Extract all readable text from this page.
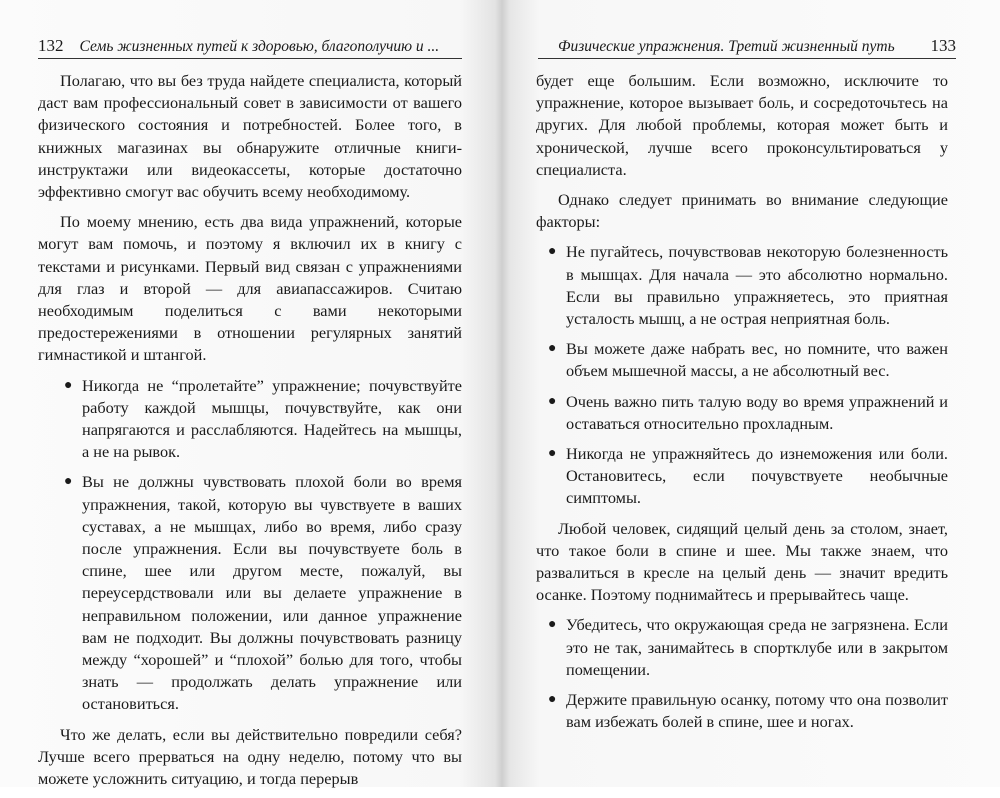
132 Семь жизненных путей к здоровью, благополучию и ...

Полагаю, что вы без труда найдете специалиста, который даст вам профессиональный совет в зависимости от вашего физического состояния и потребностей. Более того, в книжных магазинах вы обнаружите отличные книги-инструктажи или видеокассеты, которые достаточно эффективно смогут вас обучить всему необходимому.

По моему мнению, есть два вида упражнений, которые могут вам помочь, и поэтому я включил их в книгу с текстами и рисунками. Первый вид связан с упражнениями для глаз и второй — для авиапассажиров. Считаю необходимым поделиться с вами некоторыми предостережениями в отношении регулярных занятий гимнастикой и штангой.

● Никогда не “пролетайте” упражнение; почувствуйте работу каждой мышцы, почувствуйте, как они напрягаются и расслабляются. Надейтесь на мышцы, а не на рывок.
● Вы не должны чувствовать плохой боли во время упражнения, такой, которую вы чувствуете в ваших суставах, а не мышцах, либо во время, либо сразу после упражнения. Если вы почувствуете боль в спине, шее или другом месте, пожалуй, вы переусердствовали или вы делаете упражнение в неправильном положении, или данное упражнение вам не подходит. Вы должны почувствовать разницу между “хорошей” и “плохой” болью для того, чтобы знать — продолжать делать упражнение или остановиться.

Что же делать, если вы действительно повредили себя? Лучше всего прерваться на одну неделю, потому что вы можете усложнить ситуацию, и тогда перерыв

Физические упражнения. Третий жизненный путь 133

будет еще большим. Если возможно, исключите то упражнение, которое вызывает боль, и сосредоточьтесь на других. Для любой проблемы, которая может быть и хронической, лучше всего проконсультироваться у специалиста.

Однако следует принимать во внимание следующие факторы:

● Не пугайтесь, почувствовав некоторую болезненность в мышцах. Для начала — это абсолютно нормально. Если вы правильно упражняетесь, это приятная усталость мышц, а не острая неприятная боль.
● Вы можете даже набрать вес, но помните, что важен объем мышечной массы, а не абсолютный вес.
● Очень важно пить талую воду во время упражнений и оставаться относительно прохладным.
● Никогда не упражняйтесь до изнеможения или боли. Остановитесь, если почувствуете необычные симптомы.

Любой человек, сидящий целый день за столом, знает, что такое боли в спине и шее. Мы также знаем, что развалиться в кресле на целый день — значит вредить осанке. Поэтому поднимайтесь и прерывайтесь чаще.

● Убедитесь, что окружающая среда не загрязнена. Если это не так, занимайтесь в спортклубе или в закрытом помещении.
● Держите правильную осанку, потому что она позволит вам избежать болей в спине, шее и ногах.
